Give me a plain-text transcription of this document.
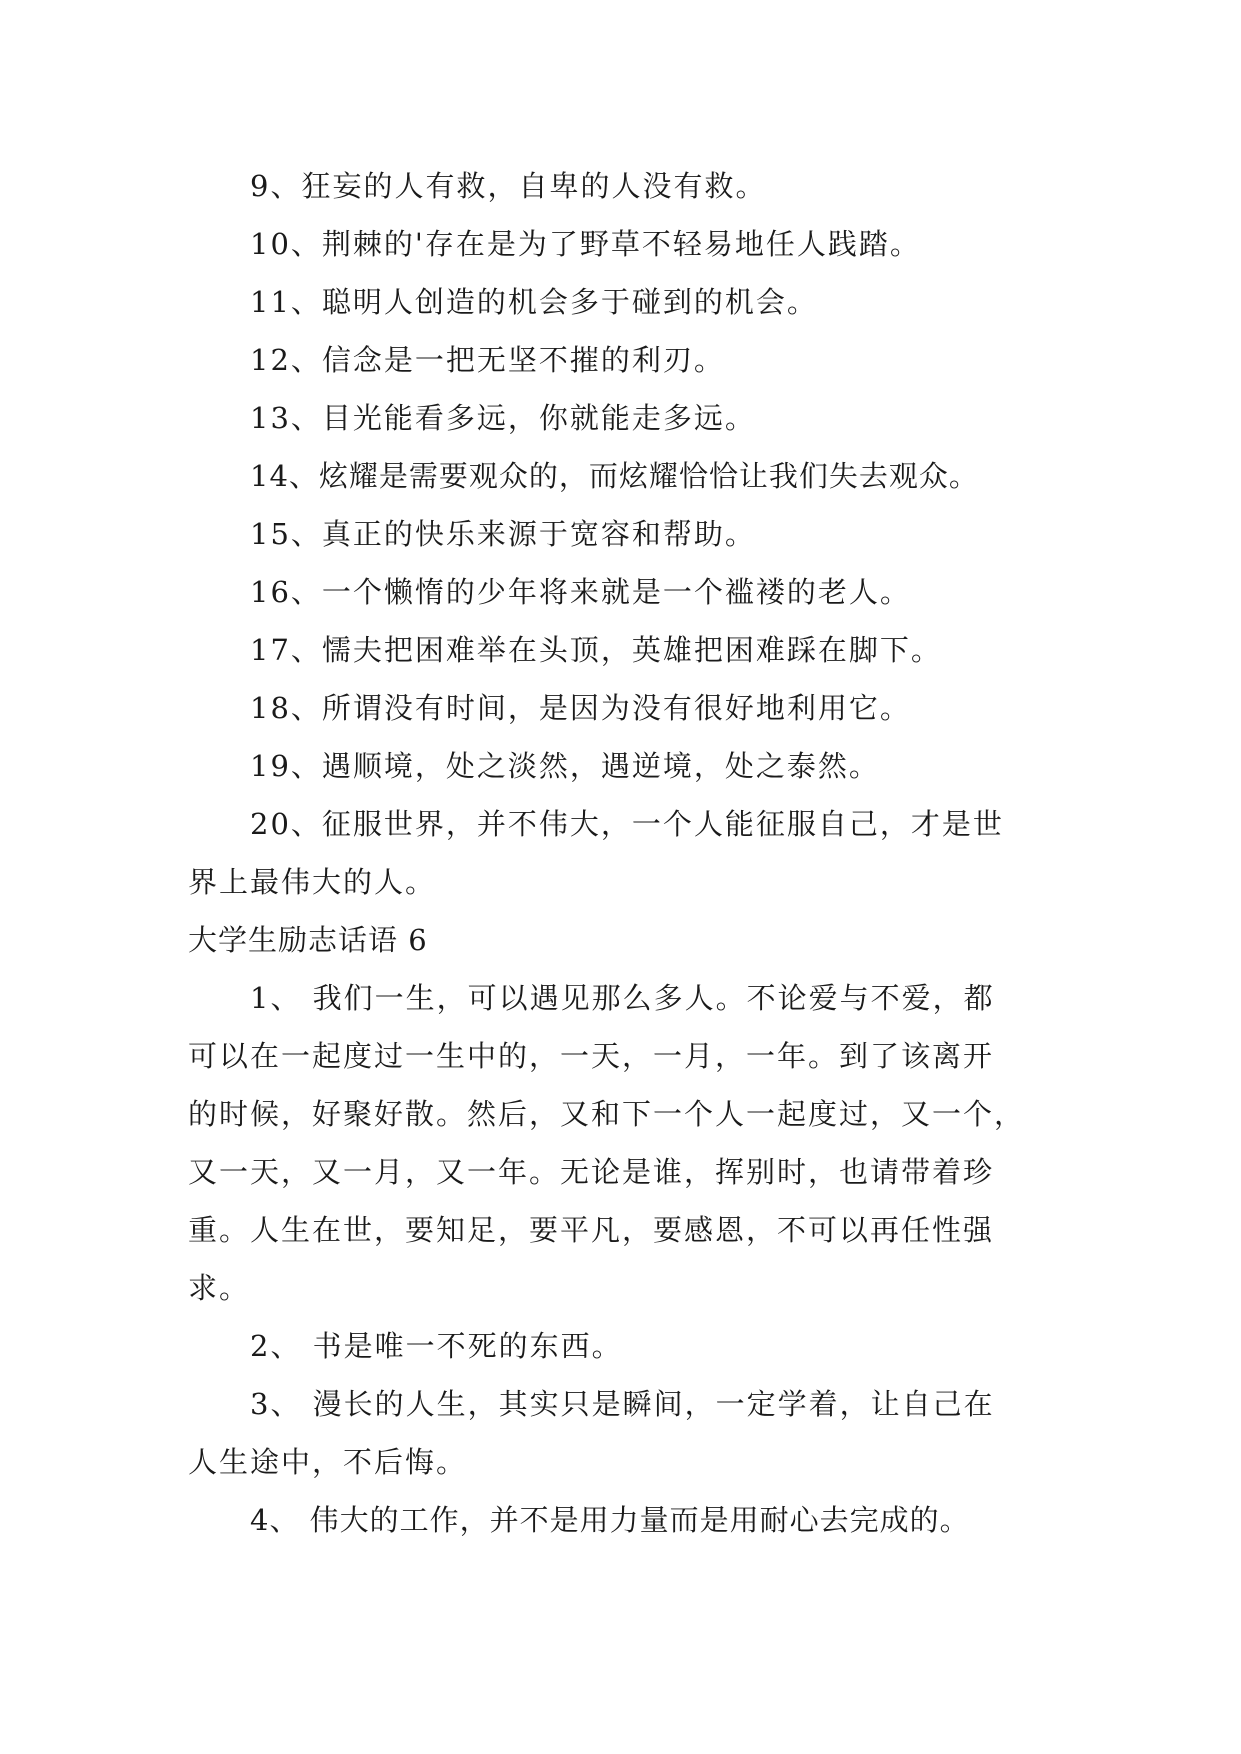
9、狂妄的人有救，自卑的人没有救。
10、荆棘的'存在是为了野草不轻易地任人践踏。
11、聪明人创造的机会多于碰到的机会。
12、信念是一把无坚不摧的利刃。
13、目光能看多远，你就能走多远。
14、炫耀是需要观众的，而炫耀恰恰让我们失去观众。
15、真正的快乐来源于宽容和帮助。
16、一个懒惰的少年将来就是一个褴褛的老人。
17、懦夫把困难举在头顶，英雄把困难踩在脚下。
18、所谓没有时间，是因为没有很好地利用它。
19、遇顺境，处之淡然，遇逆境，处之泰然。
20、征服世界，并不伟大，一个人能征服自己，才是世
界上最伟大的人。
大学生励志话语 6
1、 我们一生，可以遇见那么多人。不论爱与不爱，都
可以在一起度过一生中的，一天，一月，一年。到了该离开
的时候，好聚好散。然后，又和下一个人一起度过，又一个，
又一天，又一月，又一年。无论是谁，挥别时，也请带着珍
重。人生在世，要知足，要平凡，要感恩，不可以再任性强
求。
2、 书是唯一不死的东西。
3、 漫长的人生，其实只是瞬间，一定学着，让自己在
人生途中，不后悔。
4、 伟大的工作，并不是用力量而是用耐心去完成的。
